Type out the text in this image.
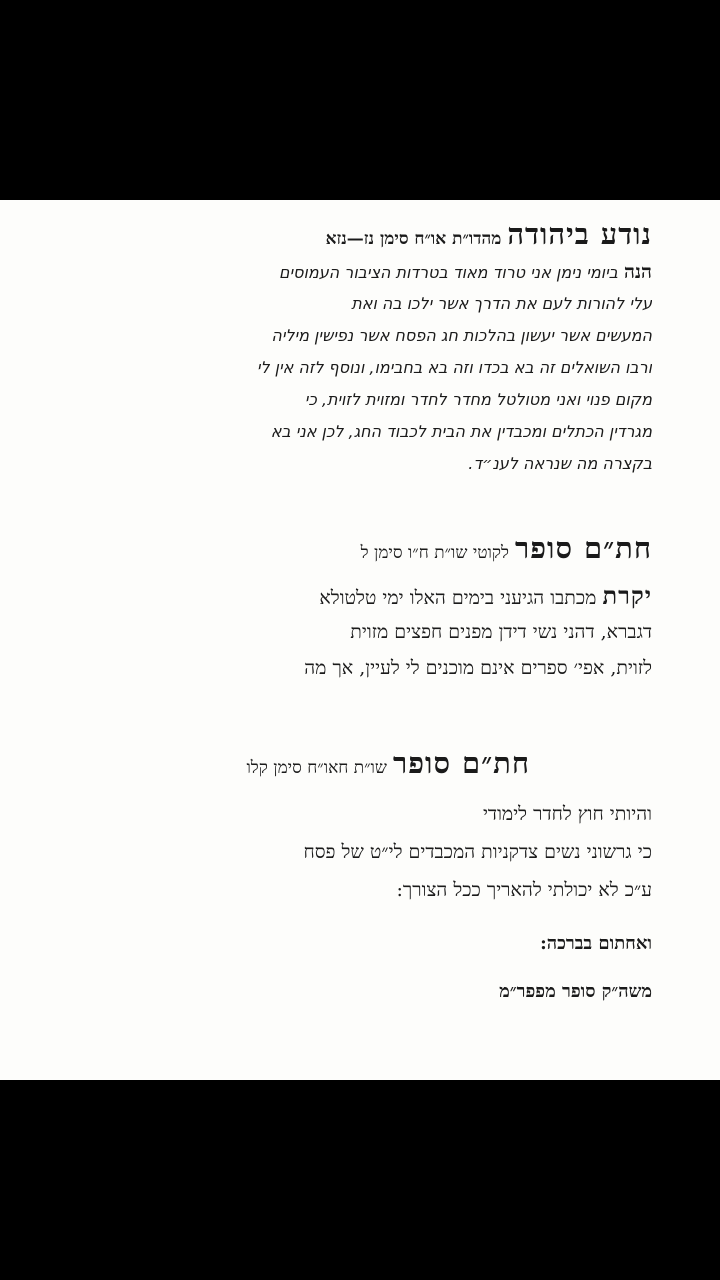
נודע ביהודה מהדו״ת או״ח סימן נז—נזא
הנה ביומי נימן אני טרוד מאוד בטרדות הציבור העמוסים
עלי להורות לעם את הדרך אשר ילכו בה ואת
המעשים אשר יעשון בהלכות חג הפסח אשר נפישין מיליה
ורבו השואלים זה בא בכדו וזה בא בחבימו, ונוסף לזה אין לי
מקום פנוי ואני מטולטל מחדר לחדר ומזוית לזוית, כי
מגרדין הכתלים ומכבדין את הבית לכבוד החג, לכן אני בא
בקצרה מה שנראה לענ״ד.
חת״ם סופר לקוטי שו״ת ח״ו סימן ל
יקרת מכתבו הגיעני בימים האלו ימי טלטולא
דגברא, דהני נשי דידן מפנים חפצים מזוית
לזוית, אפי׳ ספרים אינם מוכנים לי לעיין, אך מה
חת״ם סופר שו״ת חאו״ח סימן קלו
והיותי חוץ לחדר לימודי
כי גרשוני נשים צדקניות המכבדים לי״ט של פסח
ע״כ לא יכולתי להאריך ככל הצורך:
ואחתום בברכה:
משה״ק סופר מפפר״מ
